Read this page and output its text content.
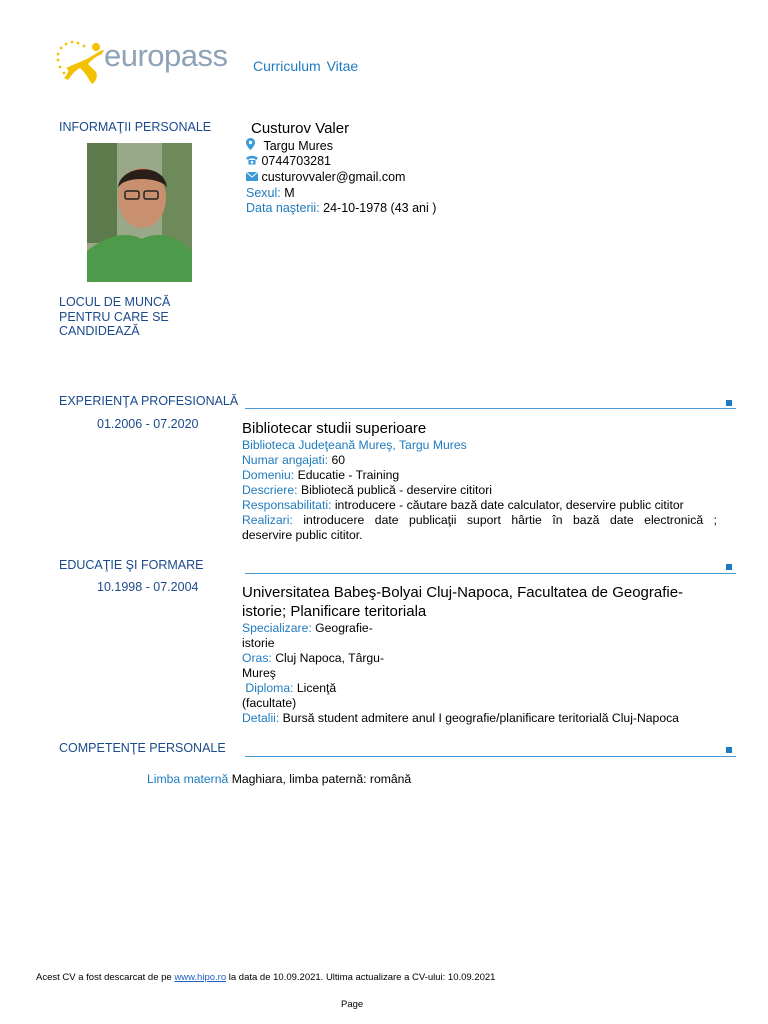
europass Curriculum Vitae
INFORMAŢII PERSONALE	Custurov Valer
Targu Mures
0744703281
custurovvaler@gmail.com
Sexul: M
Data naşterii: 24-10-1978 (43 ani )
LOCUL DE MUNCĂ
PENTRU CARE SE
CANDIDEAZĂ
EXPERIENŢA PROFESIONALĂ
01.2006 - 07.2020	Bibliotecar studii superioare
Biblioteca Judeţeană Mureş, Targu Mures
Numar angajati: 60
Domeniu: Educatie - Training
Descriere: Bibliotecă publică - deservire cititori
Responsabilitati: introducere - căutare bază date calculator, deservire public cititor
Realizari: introducere date publicaţii suport hârtie în bază date electronică ;
deservire public cititor.
EDUCAŢIE ŞI FORMARE
10.1998 - 07.2004	Universitatea Babeş-Bolyai Cluj-Napoca, Facultatea de Geografie-
istorie; Planificare teritoriala
Specializare: Geografie-
istorie
Oras: Cluj Napoca, Târgu-
Mureş
Diploma: Licenţă
(facultate)
Detalii: Bursă student admitere anul I geografie/planificare teritorială Cluj-Napoca
COMPETENŢE PERSONALE
Limba maternă Maghiara, limba paternă: română
Acest CV a fost descarcat de pe www.hipo.ro la data de 10.09.2021. Ultima actualizare a CV-ului: 10.09.2021
Page
